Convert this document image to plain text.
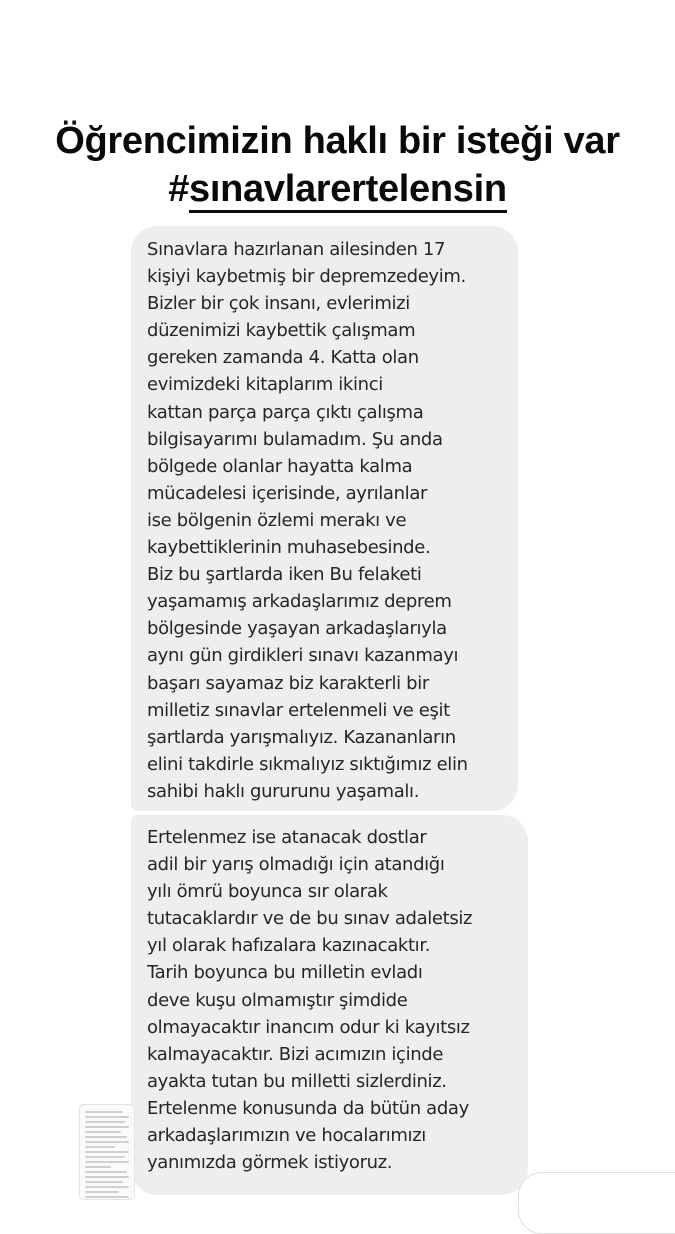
Öğrencimizin haklı bir isteği var
#sınavlarertelensin
Sınavlara hazırlanan ailesinden 17
kişiyi kaybetmiş bir depremzedeyim.
Bizler bir çok insanı, evlerimizi
düzenimizi kaybettik çalışmam
gereken zamanda 4. Katta olan
evimizdeki kitaplarım ikinci
kattan parça parça çıktı çalışma
bilgisayarımı bulamadım. Şu anda
bölgede olanlar hayatta kalma
mücadelesi içerisinde, ayrılanlar
ise bölgenin özlemi merakı ve
kaybettiklerinin muhasebesinde.
Biz bu şartlarda iken Bu felaketi
yaşamamış arkadaşlarımız deprem
bölgesinde yaşayan arkadaşlarıyla
aynı gün girdikleri sınavı kazanmayı
başarı sayamaz biz karakterli bir
milletiz sınavlar ertelenmeli ve eşit
şartlarda yarışmalıyız. Kazananların
elini takdirle sıkmalıyız sıktığımız elin
sahibi haklı gururunu yaşamalı.
Ertelenmez ise atanacak dostlar
adil bir yarış olmadığı için atandığı
yılı ömrü boyunca sır olarak
tutacaklardır ve de bu sınav adaletsiz
yıl olarak hafızalara kazınacaktır.
Tarih boyunca bu milletin evladı
deve kuşu olmamıştır şimdide
olmayacaktır inancım odur ki kayıtsız
kalmayacaktır. Bizi acımızın içinde
ayakta tutan bu milletti sizlerdiniz.
Ertelenme konusunda da bütün aday
arkadaşlarımızın ve hocalarımızı
yanımızda görmek istiyoruz.
